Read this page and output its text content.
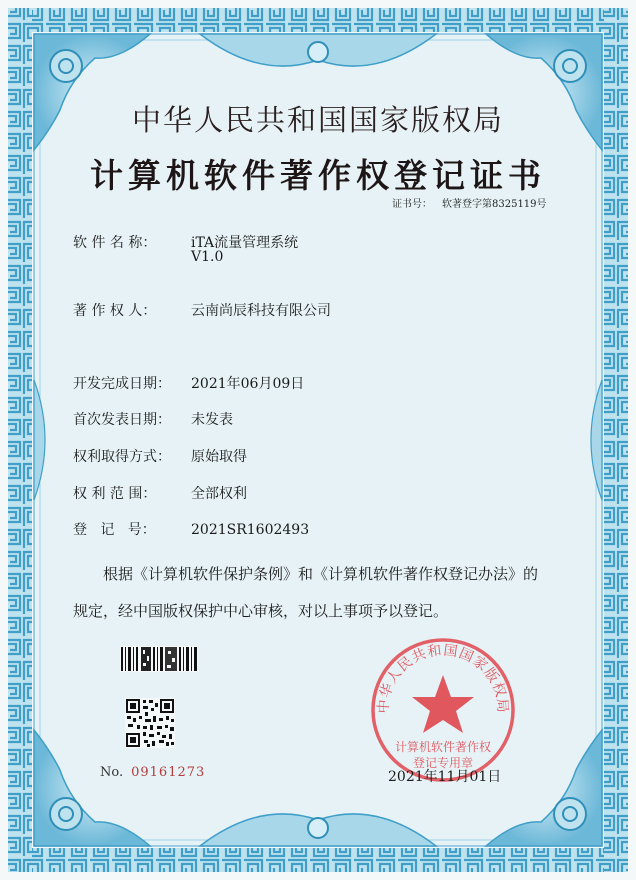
中华人民共和国国家版权局
计算机软件著作权登记证书
证书号： 软著登字第8325119号
软 件 名 称： iTA流量管理系统
V1.0
著 作 权 人： 云南尚辰科技有限公司
开发完成日期： 2021年06月09日
首次发表日期： 未发表
权利取得方式： 原始取得
权 利 范 围： 全部权利
登   记   号：	2021SR1602493
根据《计算机软件保护条例》和《计算机软件著作权登记办法》的
规定，经中国版权保护中心审核，对以上事项予以登记。
No. 09161273
中华人民共和国国家版权局
计算机软件著作权
登记专用章
2021年11月01日
